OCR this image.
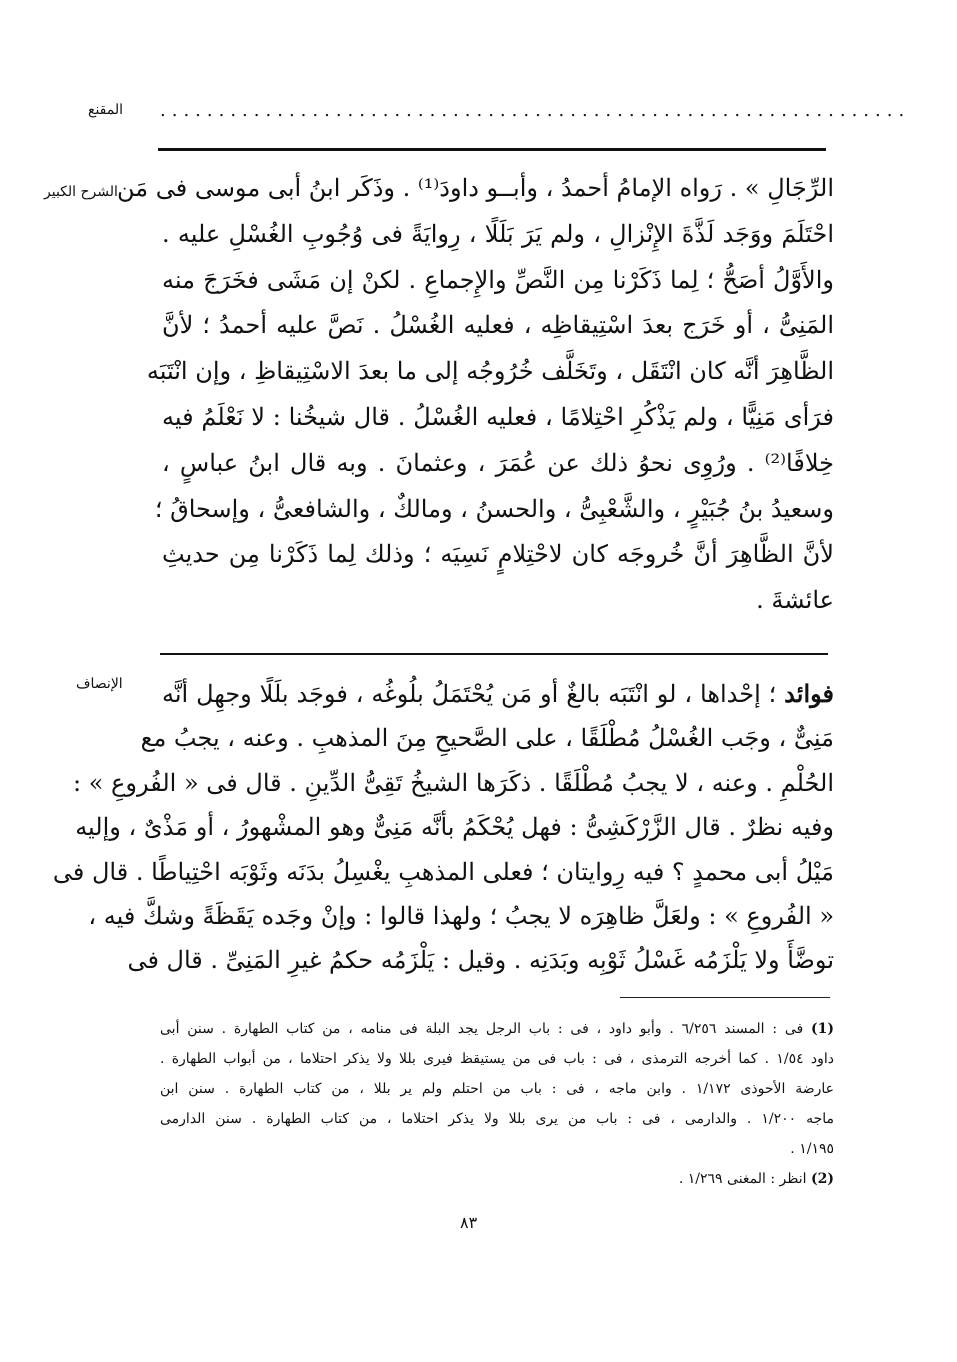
المقنع ................................................................
الشرح الكبير
الإنصاف
الرِّجَالِ » . رَواه الإمامُ أحمدُ ، وأبــو داودَ⁽¹⁾ . وذَكَر ابنُ أبى موسى فى مَن
احْتَلَمَ ووَجَد لَذَّةَ الإِنْزالِ ، ولم يَرَ بَلَلًا ، رِوايَةً فى وُجُوبِ الغُسْلِ عليه .
والأَوَّلُ أصَحُّ ؛ لِما ذَكَرْنا مِن النَّصِّ والإِجماعِ . لكنْ إن مَشَى فخَرَجَ منه
المَنِىُّ ، أو خَرَج بعدَ اسْتِيقاظِه ، فعليه الغُسْلُ . نَصَّ عليه أحمدُ ؛ لأنَّ
الظَّاهِرَ أنَّه كان انْتَقَل ، وتَخَلَّف خُرُوجُه إلى ما بعدَ الاسْتِيقاظِ ، وإن انْتَبَه
فرَأى مَنِيًّا ، ولم يَذْكُرِ احْتِلامًا ، فعليه الغُسْلُ . قال شيخُنا : لا نَعْلَمُ فيه
خِلافًا⁽²⁾ . ورُوِى نحوُ ذلك عن عُمَرَ ، وعثمانَ . وبه قال ابنُ عباسٍ ،
وسعيدُ بنُ جُبَيْرٍ ، والشَّعْبِىُّ ، والحسنُ ، ومالكٌ ، والشافعىُّ ، وإسحاقُ ؛
لأنَّ الظَّاهِرَ أنَّ خُروجَه كان لاحْتِلامٍ نَسِيَه ؛ وذلك لِما ذَكَرْنا مِن حديثِ
عائشةَ .
فوائد ؛ إحْداها ، لو انْتَبَه بالغٌ أو مَن يُحْتَمَلُ بلُوغُه ، فوجَد بلَلًا وجهِل أنَّه
مَنِىٌّ ، وجَب الغُسْلُ مُطْلَقًا ، على الصَّحيحِ مِنَ المذهبِ . وعنه ، يجبُ مع
الحُلْمِ . وعنه ، لا يجبُ مُطْلَقًا . ذكَرَها الشيخُ تَقِىُّ الدِّينِ . قال فى « الفُروعِ » :
وفيه نظرٌ . قال الزَّرْكَشِىُّ : فهل يُحْكَمُ بأنَّه مَنِىٌّ وهو المشْهورُ ، أو مَذْىٌ ، وإليه
مَيْلُ أبى محمدٍ ؟ فيه رِوايتان ؛ فعلى المذهبِ يغْسِلُ بدَنَه وثَوْبَه احْتِياطًا . قال فى
« الفُروعِ » : ولعَلَّ ظاهِرَه لا يجبُ ؛ ولهذا قالوا : وإنْ وجَده يَقَظَةً وشكَّ فيه ،
توضَّأَ ولا يَلْزَمُه غَسْلُ ثَوْبِه وبَدَنِه . وقيل : يَلْزَمُه حكمُ غيرِ المَنِىِّ . قال فى
(1) فى : المسند ٦/٢٥٦ . وأبو داود ، فى : باب الرجل يجد البلة فى منامه ، من كتاب الطهارة . سنن أبى
داود ١/٥٤ . كما أخرجه الترمذى ، فى : باب فى من يستيقظ فيرى بللا ولا يذكر احتلاما ، من أبواب الطهارة .
عارضة الأحوذى ١/١٧٢ . وابن ماجه ، فى : باب من احتلم ولم ير بللا ، من كتاب الطهارة . سنن ابن
ماجه ١/٢٠٠ . والدارمى ، فى : باب من يرى بللا ولا يذكر احتلاما ، من كتاب الطهارة . سنن الدارمى
١/١٩٥ .
(2) انظر : المغنى ١/٢٦٩ .
٨٣
